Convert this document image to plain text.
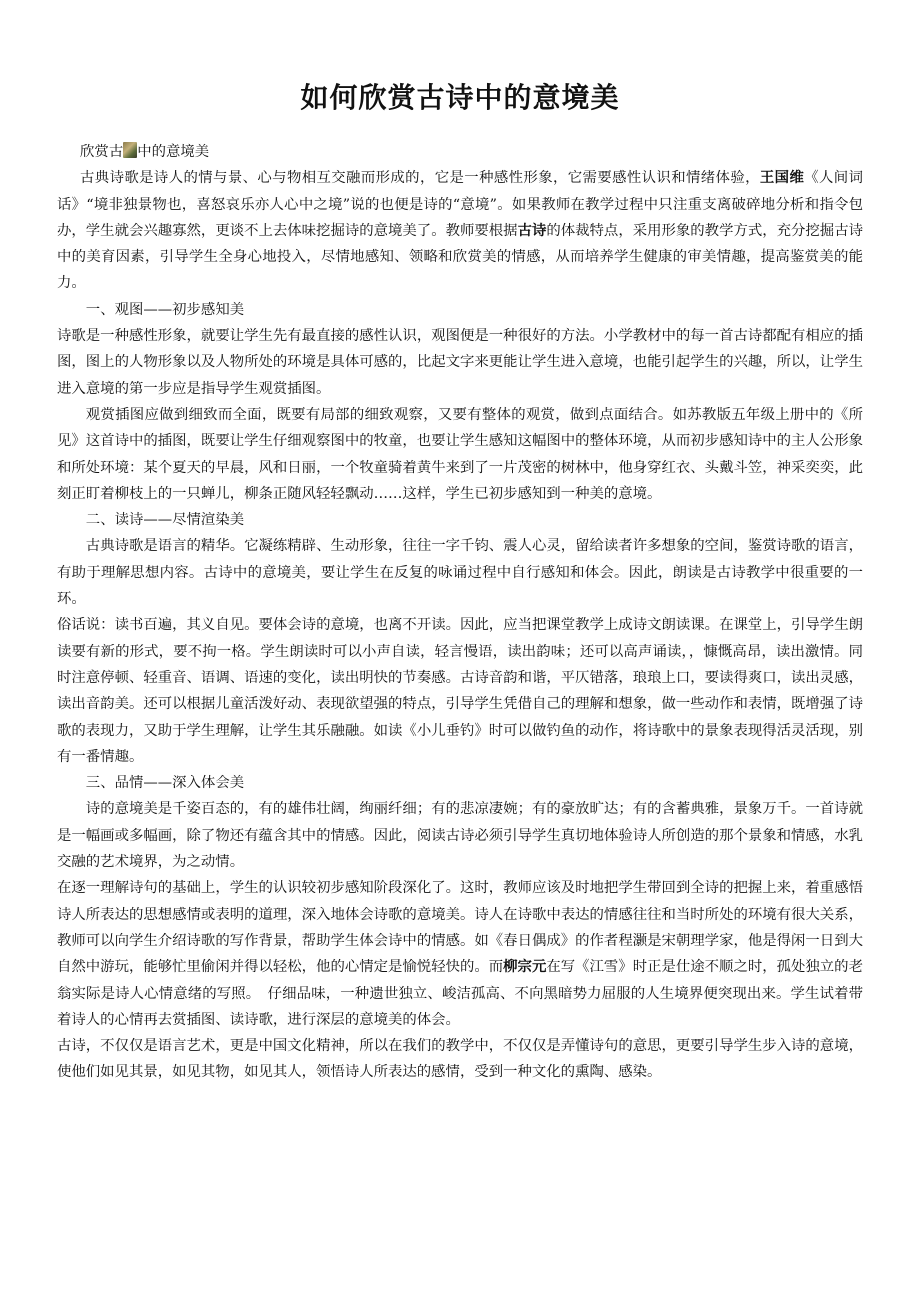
如何欣赏古诗中的意境美

欣赏古 中的意境美

古典诗歌是诗人的情与景、心与物相互交融而形成的，它是一种感性形象，它需要感性认识和情绪体验，王国维《人间词话》“境非独景物也，喜怒哀乐亦人心中之境”说的也便是诗的“意境”。如果教师在教学过程中只注重支离破碎地分析和指令包办，学生就会兴趣寡然，更谈不上去体味挖掘诗的意境美了。教师要根据古诗的体裁特点，采用形象的教学方式，充分挖掘古诗中的美育因素，引导学生全身心地投入，尽情地感知、领略和欣赏美的情感，从而培养学生健康的审美情趣，提高鉴赏美的能力。

一、观图——初步感知美

诗歌是一种感性形象，就要让学生先有最直接的感性认识，观图便是一种很好的方法。小学教材中的每一首古诗都配有相应的插图，图上的人物形象以及人物所处的环境是具体可感的，比起文字来更能让学生进入意境，也能引起学生的兴趣，所以，让学生进入意境的第一步应是指导学生观赏插图。

观赏插图应做到细致而全面，既要有局部的细致观察，又要有整体的观赏，做到点面结合。如苏教版五年级上册中的《所见》这首诗中的插图，既要让学生仔细观察图中的牧童，也要让学生感知这幅图中的整体环境，从而初步感知诗中的主人公形象和所处环境：某个夏天的早晨，风和日丽，一个牧童骑着黄牛来到了一片茂密的树林中，他身穿红衣、头戴斗笠，神采奕奕，此刻正盯着柳枝上的一只蝉儿，柳条正随风轻轻飘动……这样，学生已初步感知到一种美的意境。

二、读诗——尽情渲染美

古典诗歌是语言的精华。它凝练精辟、生动形象，往往一字千钧、震人心灵，留给读者许多想象的空间，鉴赏诗歌的语言，有助于理解思想内容。古诗中的意境美，要让学生在反复的咏诵过程中自行感知和体会。因此，朗读是古诗教学中很重要的一环。

俗话说：读书百遍，其义自见。要体会诗的意境，也离不开读。因此，应当把课堂教学上成诗文朗读课。在课堂上，引导学生朗读要有新的形式，要不拘一格。学生朗读时可以小声自读，轻言慢语，读出韵味；还可以高声诵读，，慷慨高昂，读出激情。同时注意停顿、轻重音、语调、语速的变化，读出明快的节奏感。古诗音韵和谐，平仄错落，琅琅上口，要读得爽口，读出灵感，读出音韵美。还可以根据儿童活泼好动、表现欲望强的特点，引导学生凭借自己的理解和想象，做一些动作和表情，既增强了诗歌的表现力，又助于学生理解，让学生其乐融融。如读《小儿垂钓》时可以做钓鱼的动作，将诗歌中的景象表现得活灵活现，别有一番情趣。

三、品情——深入体会美

诗的意境美是千姿百态的，有的雄伟壮阔，绚丽纤细；有的悲凉凄婉；有的豪放旷达；有的含蓄典雅，景象万千。一首诗就是一幅画或多幅画，除了物还有蕴含其中的情感。因此，阅读古诗必须引导学生真切地体验诗人所创造的那个景象和情感，水乳交融的艺术境界，为之动情。

在逐一理解诗句的基础上，学生的认识较初步感知阶段深化了。这时，教师应该及时地把学生带回到全诗的把握上来，着重感悟诗人所表达的思想感情或表明的道理，深入地体会诗歌的意境美。诗人在诗歌中表达的情感往往和当时所处的环境有很大关系，教师可以向学生介绍诗歌的写作背景，帮助学生体会诗中的情感。如《春日偶成》的作者程灏是宋朝理学家，他是得闲一日到大自然中游玩，能够忙里偷闲并得以轻松，他的心情定是愉悦轻快的。而柳宗元在写《江雪》时正是仕途不顺之时，孤处独立的老翁实际是诗人心情意绪的写照。　仔细品味，一种遗世独立、峻洁孤高、不向黑暗势力屈服的人生境界便突现出来。学生试着带着诗人的心情再去赏插图、读诗歌，进行深层的意境美的体会。

古诗，不仅仅是语言艺术，更是中国文化精神，所以在我们的教学中，不仅仅是弄懂诗句的意思，更要引导学生步入诗的意境，使他们如见其景，如见其物，如见其人，领悟诗人所表达的感情，受到一种文化的熏陶、感染。
